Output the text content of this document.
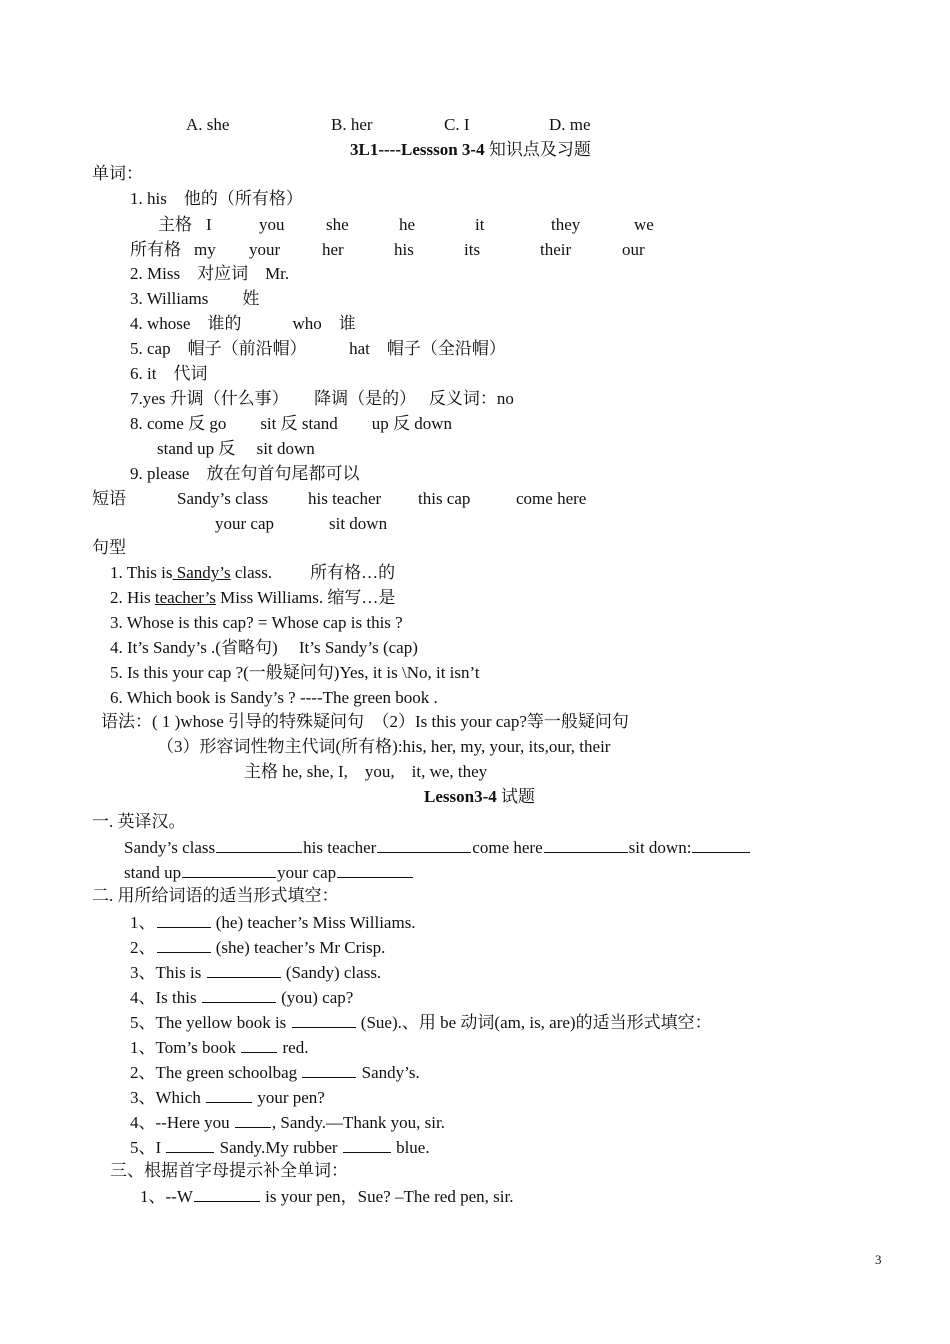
A. she	B. her	C. I	D. me
3L1----Lessson 3-4 知识点及习题
单词：
1. his　他的（所有格）
主格 I	you she	he	it	they	we
所有格 my your her	his	its	their	our
2. Miss　对应词　Mr.
3. Williams　　姓
4. whose　谁的　　　who　谁
5. cap　帽子（前沿帽）　　　hat　帽子（全沿帽）
6. it　代词
7.yes 升调（什么事）　　降调（是的）　 反义词：no
8. come 反 go　　sit 反 stand　　up 反 down
stand up 反　 sit down
9. please　放在句首句尾都可以
短语	Sandy’s class his teacher this cap	come here
your cap	sit down
句型
1. This is Sandy’s class. 所有格…的
2. His teacher’s Miss Williams. 缩写…是
3. Whose is this cap? = Whose cap is this ?
4. It’s Sandy’s .(省略句)　 It’s Sandy’s (cap)
5. Is this your cap ?(一般疑问句)Yes, it is \No, it isn’t
6. Which book is Sandy’s ? ----The green book .
语法：( 1 )whose 引导的特殊疑问句　（2）Is this your cap?等一般疑问句
（3）形容词性物主代词(所有格):his, her, my, your, its,our, their
主格 he, she, I,　you,　it, we, they
Lesson3-4 试题
一. 英译汉。
Sandy’s class	his teacher	come here	sit down:
stand up	your cap
二. 用所给词语的适当形式填空：
1、	(he) teacher’s Miss Williams.
2、	(she) teacher’s Mr Crisp.
3、This is	(Sandy) class.
4、Is this	(you) cap?
5、The yellow book is	(Sue).、用 be 动词(am, is, are)的适当形式填空：
1、Tom’s book  red.
2、The green schoolbag	Sandy’s.
3、Which	your pen?
4、--Here you , Sandy.—Thank you, sir.
5、I	Sandy.My rubber	blue.
三、根据首字母提示补全单词：
1、--W	is your pen，Sue? –The red pen, sir.
3
